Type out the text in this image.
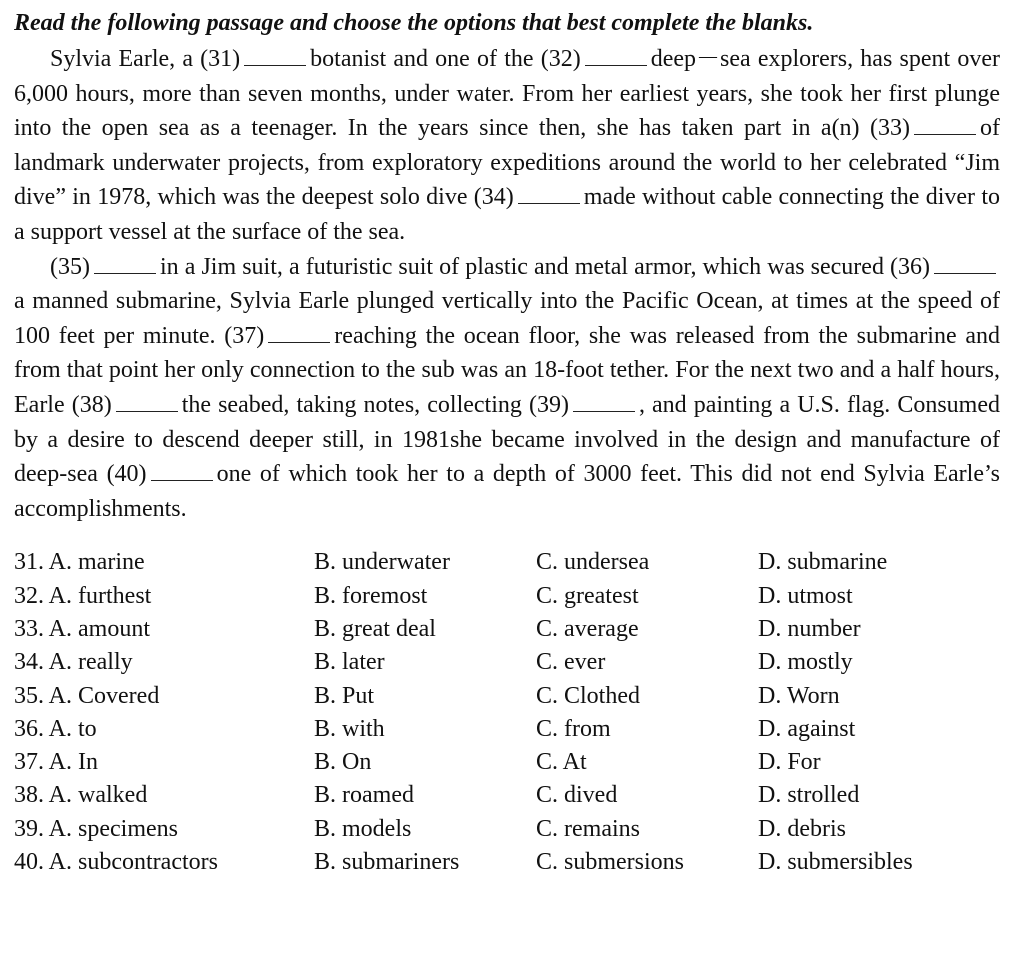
Read the following passage and choose the options that best complete the blanks.

Sylvia Earle, a (31)	botanist and one of the (32)	deep－sea explorers, has spent over 6,000 hours, more than seven months, under water. From her earliest years, she took her first plunge into the open sea as a teenager. In the years since then, she has taken part in a(n) (33)	of landmark underwater projects, from exploratory expeditions around the world to her celebrated “Jim dive” in 1978, which was the deepest solo dive (34)	made without cable connecting the diver to a support vessel at the surface of the sea.

(35)	in a Jim suit, a futuristic suit of plastic and metal armor, which was secured (36)a manned submarine, Sylvia Earle plunged vertically into the Pacific Ocean, at times at the speed of 100 feet per minute. (37)	reaching the ocean floor, she was released from the submarine and from that point her only connection to the sub was an 18-foot tether. For the next two and a half hours, Earle (38)	the seabed, taking notes, collecting (39)	, and painting a U.S. flag. Consumed by a desire to descend deeper still, in 1981she became involved in the design and manufacture of deep-sea (40)	one of which took her to a depth of 3000 feet. This did not end Sylvia Earle’s accomplishments.

31. A. marine	B. underwater	C. undersea	D. submarine
32. A. furthest	B. foremost	C. greatest	D. utmost
33. A. amount	B. great deal	C. average	D. number
34. A. really	B. later	C. ever	D. mostly
35. A. Covered	B. Put	C. Clothed	D. Worn
36. A. to	B. with	C. from	D. against
37. A. In	B. On	C. At	D. For
38. A. walked	B. roamed	C. dived	D. strolled
39. A. specimens	B. models	C. remains	D. debris
40. A. subcontractors	B. submariners	C. submersions	D. submersibles
